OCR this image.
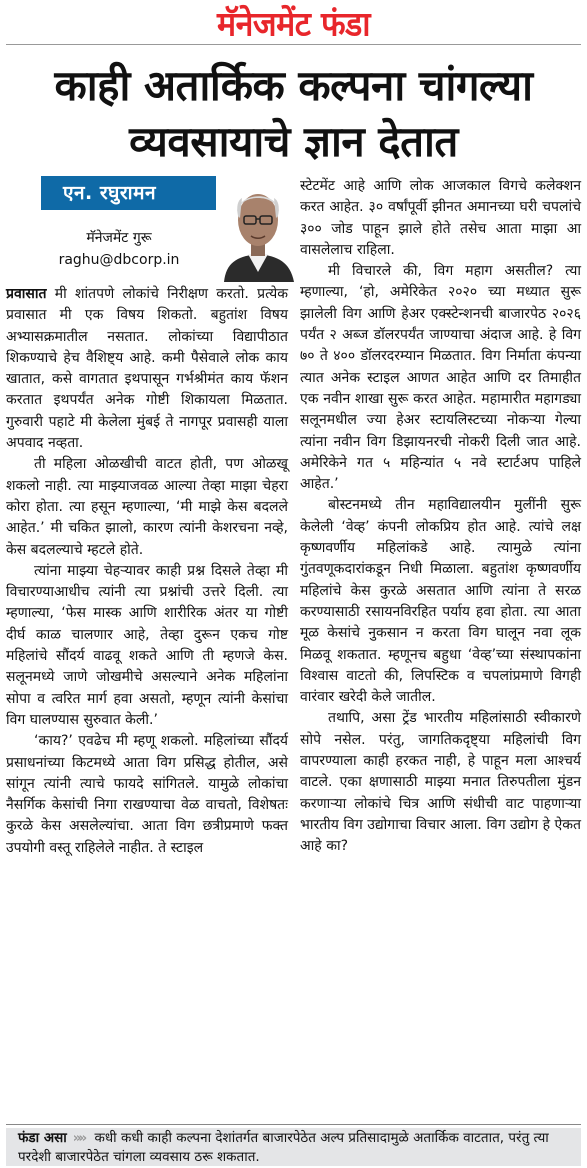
मॅनेजमेंट फंडा
काही अतार्किक कल्पना चांगल्या
व्यवसायाचे ज्ञान देतात
एन. रघुरामन
मॅनेजमेंट गुरू
raghu@dbcorp.in

प्रवासात मी शांतपणे लोकांचे निरीक्षण करतो. प्रत्येक प्रवासात मी एक विषय शिकतो. बहुतांश विषय अभ्यासक्रमातील नसतात. लोकांच्या विद्यापीठात शिकण्याचे हेच वैशिष्ट्य आहे. कमी पैसेवाले लोक काय खातात, कसे वागतात इथपासून गर्भश्रीमंत काय फॅशन करतात इथपर्यंत अनेक गोष्टी शिकायला मिळतात. गुरुवारी पहाटे मी केलेला मुंबई ते नागपूर प्रवासही याला अपवाद नव्हता.

ती महिला ओळखीची वाटत होती, पण ओळखू शकलो नाही. त्या माझ्याजवळ आल्या तेव्हा माझा चेहरा कोरा होता. त्या हसून म्हणाल्या, ‘मी माझे केस बदलले आहेत.’ मी चकित झालो, कारण त्यांनी केशरचना नव्हे, केस बदलल्याचे म्हटले होते.

त्यांना माझ्या चेहऱ्यावर काही प्रश्न दिसले तेव्हा मी विचारण्याआधीच त्यांनी त्या प्रश्नांची उत्तरे दिली. त्या म्हणाल्या, ‘फेस मास्क आणि शारीरिक अंतर या गोष्टी दीर्घ काळ चालणार आहे, तेव्हा दुरून एकच गोष्ट महिलांचे सौंदर्य वाढवू शकते आणि ती म्हणजे केस. सलूनमध्ये जाणे जोखमीचे असल्याने अनेक महिलांना सोपा व त्वरित मार्ग हवा असतो, म्हणून त्यांनी केसांचा विग घालण्यास सुरुवात केली.’

‘काय?’ एवढेच मी म्हणू शकलो. महिलांच्या सौंदर्य प्रसाधनांच्या किटमध्ये आता विग प्रसिद्ध होतील, असे सांगून त्यांनी त्याचे फायदे सांगितले. यामुळे लोकांचा नैसर्गिक केसांची निगा राखण्याचा वेळ वाचतो, विशेषतः कुरळे केस असलेल्यांचा. आता विग छत्रीप्रमाणे फक्त उपयोगी वस्तू राहिलेले नाहीत. ते स्टाइल

स्टेटमेंट आहे आणि लोक आजकाल विगचे कलेक्शन करत आहेत. ३० वर्षांपूर्वी झीनत अमानच्या घरी चपलांचे ३०० जोड पाहून झाले होते तसेच आता माझा आ वासलेलाच राहिला.

मी विचारले की, विग महाग असतील? त्या म्हणाल्या, ‘हो, अमेरिकेत २०२० च्या मध्यात सुरू झालेली विग आणि हेअर एक्स्टेन्शनची बाजारपेठ २०२६ पर्यंत २ अब्ज डॉलरपर्यंत जाण्याचा अंदाज आहे. हे विग ७० ते ४०० डॉलरदरम्यान मिळतात. विग निर्माता कंपन्या त्यात अनेक स्टाइल आणत आहेत आणि दर तिमाहीत एक नवीन शाखा सुरू करत आहेत. महामारीत महागड्या सलूनमधील ज्या हेअर स्टायलिस्टच्या नोकऱ्या गेल्या त्यांना नवीन विग डिझायनरची नोकरी दिली जात आहे. अमेरिकेने गत ५ महिन्यांत ५ नवे स्टार्टअप पाहिले आहेत.’

बोस्टनमध्ये तीन महाविद्यालयीन मुलींनी सुरू केलेली ‘वेव्ह’ कंपनी लोकप्रिय होत आहे. त्यांचे लक्ष कृष्णवर्णीय महिलांकडे आहे. त्यामुळे त्यांना गुंतवणूकदारांकडून निधी मिळाला. बहुतांश कृष्णवर्णीय महिलांचे केस कुरळे असतात आणि त्यांना ते सरळ करण्यासाठी रसायनविरहित पर्याय हवा होता. त्या आता मूळ केसांचे नुकसान न करता विग घालून नवा लूक मिळवू शकतात. म्हणूनच बहुधा ‘वेव्ह’च्या संस्थापकांना विश्वास वाटतो की, लिपस्टिक व चपलांप्रमाणे विगही वारंवार खरेदी केले जातील.

तथापि, असा ट्रेंड भारतीय महिलांसाठी स्वीकारणे सोपे नसेल. परंतु, जागतिकदृष्ट्या महिलांची विग वापरण्याला काही हरकत नाही, हे पाहून मला आश्चर्य वाटले. एका क्षणासाठी माझ्या मनात तिरुपतीला मुंडन करणाऱ्या लोकांचे चित्र आणि संधीची वाट पाहणाऱ्या भारतीय विग उद्योगाचा विचार आला. विग उद्योग हे ऐकत आहे का?

फंडा असा »» कधी कधी काही कल्पना देशांतर्गत बाजारपेठेत अल्प प्रतिसादामुळे अतार्किक वाटतात, परंतु त्या परदेशी बाजारपेठेत चांगला व्यवसाय ठरू शकतात.
